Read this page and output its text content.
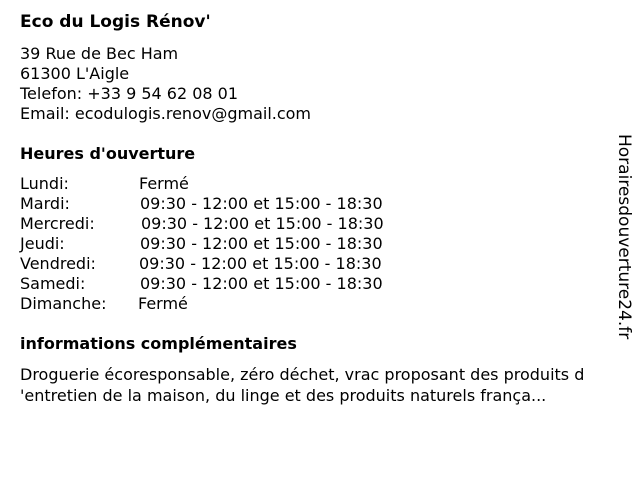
Eco du Logis Rénov'
39 Rue de Bec Ham
61300 L'Aigle
Telefon: +33 9 54 62 08 01
Email: ecodulogis.renov@gmail.com
Heures d'ouverture
Lundi:	Fermé
Mardi:	09:30 - 12:00 et 15:00 - 18:30
Mercredi:	09:30 - 12:00 et 15:00 - 18:30
Jeudi:	09:30 - 12:00 et 15:00 - 18:30
Vendredi:	09:30 - 12:00 et 15:00 - 18:30
Samedi:	09:30 - 12:00 et 15:00 - 18:30
Dimanche: Fermé
informations complémentaires
Droguerie écoresponsable, zéro déchet, vrac proposant des produits d
'entretien de la maison, du linge et des produits naturels frança...
Horairesdouverture24.fr
